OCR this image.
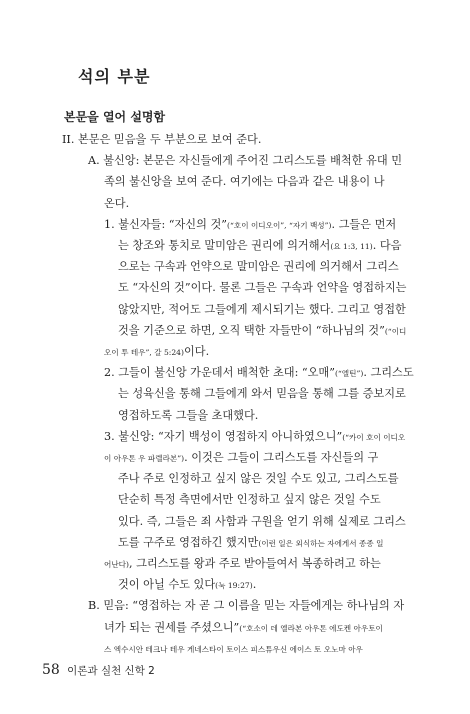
석의 부분
본문을 열어 설명함
II. 본문은 믿음을 두 부분으로 보여 준다.
A. 불신앙: 본문은 자신들에게 주어진 그리스도를 배척한 유대 민
족의 불신앙을 보여 준다. 여기에는 다음과 같은 내용이 나
온다.
1. 불신자들: “자신의 것”(“호이 이디오이”, “자기 백성”). 그들은 먼저
는 창조와 통치로 말미암은 권리에 의거해서(요 1:3, 11). 다음
으로는 구속과 언약으로 말미암은 권리에 의거해서 그리스
도 “자신의 것”이다. 물론 그들은 구속과 언약을 영접하지는
않았지만, 적어도 그들에게 제시되기는 했다. 그리고 영접한
것을 기준으로 하면, 오직 택한 자들만이 “하나님의 것”(“이디
오이 투 테우”, 갈 5:24)이다.
2. 그들이 불신앙 가운데서 배척한 초대: “오매”(“엘틴”). 그리스도
는 성육신을 통해 그들에게 와서 믿음을 통해 그를 증보지로
영접하도록 그들을 초대했다.
3. 불신앙: “자기 백성이 영접하지 아니하였으니”(“카이 호이 이디오
이 아우톤 우 파렐라본”). 이것은 그들이 그리스도를 자신들의 구
주나 주로 인정하고 싶지 않은 것일 수도 있고, 그리스도를
단순히 특정 측면에서만 인정하고 싶지 않은 것일 수도
있다. 즉, 그들은 죄 사함과 구원을 얻기 위해 실제로 그리스
도를 구주로 영접하긴 했지만(이런 일은 외식하는 자에게서 종종 일
어난다), 그리스도를 왕과 주로 받아들여서 복종하려고 하는
것이 아닐 수도 있다(눅 19:27).
B. 믿음: “영접하는 자 곧 그 이름을 믿는 자들에게는 하나님의 자
녀가 되는 권세를 주셨으니”(“호소이 데 엘라본 아우톤 에도켄 아우토이
스 엑수시안 테크나 테우 게네스타이 토이스 피스튜우신 에이스 토 오노마 아우
58 이론과 실천 신학 2
